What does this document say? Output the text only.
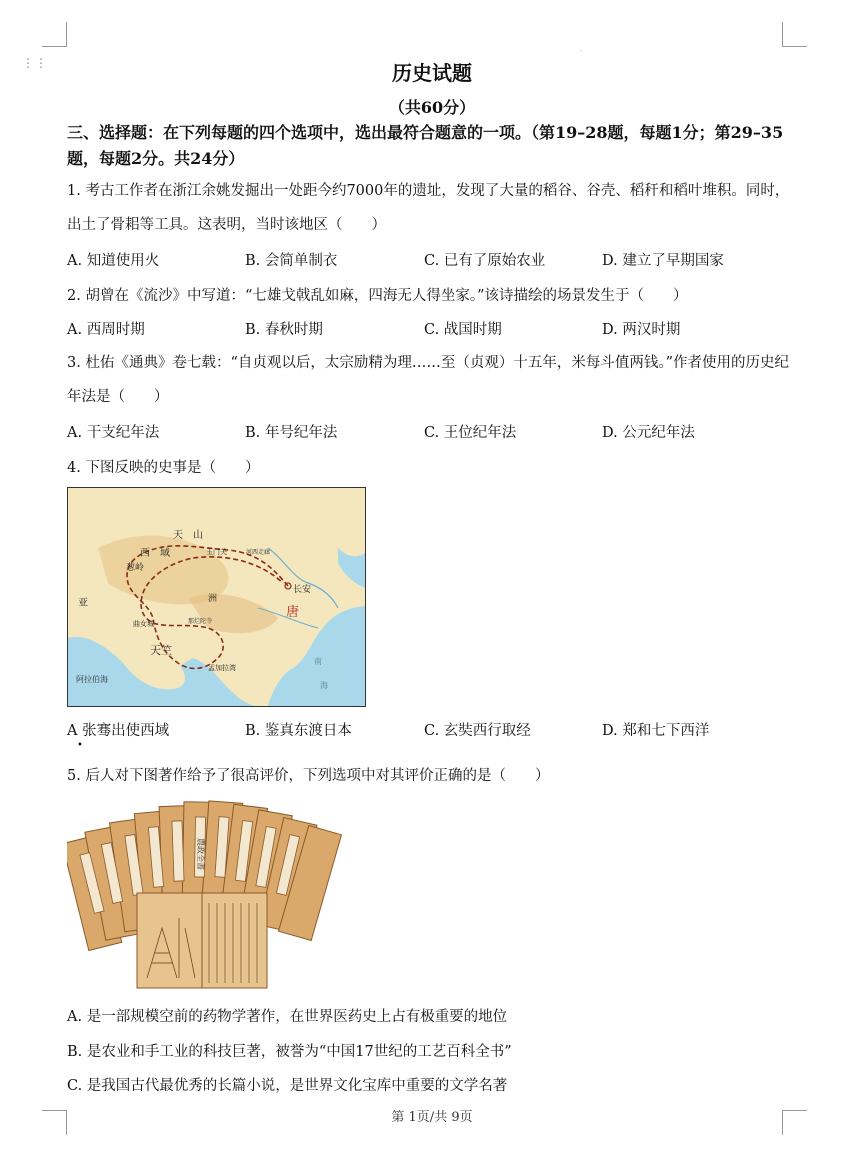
⋮⋮
·
历史试题
（共60分）
三、选择题：在下列每题的四个选项中，选出最符合题意的一项。（第19–28题，每题1分；第29–35题，每题2分。共24分）
1. 考古工作者在浙江余姚发掘出一处距今约7000年的遗址，发现了大量的稻谷、谷壳、稻秆和稻叶堆积。同时，出土了骨耜等工具。这表明，当时该地区（　　）
A. 知道使用火	B. 会简单制衣	C. 已有了原始农业	D. 建立了早期国家
2. 胡曾在《流沙》中写道：“七雄戈戟乱如麻，四海无人得坐家。”该诗描绘的场景发生于（　　）
A. 西周时期	B. 春秋时期	C. 战国时期	D. 两汉时期
3. 杜佑《通典》卷七载：“自贞观以后，太宗励精为理……至（贞观）十五年，米每斗值两钱。”作者使用的历史纪年法是（　　）
A. 干支纪年法	B. 年号纪年法	C. 王位纪年法	D. 公元纪年法
4. 下图反映的史事是（　　）
天　山
西　域	玉门关	河西走廊
葱岭
长安
唐
亚	洲
曲女城	那烂陀寺
天竺
孟加拉湾
阿拉伯海
南
海
A 张骞出使西域	B. 鉴真东渡日本	C. 玄奘西行取经	D. 郑和七下西洋
•
5. 后人对下图著作给予了很高评价，下列选项中对其评价正确的是（　　）
農政全書
A. 是一部规模空前的药物学著作，在世界医药史上占有极重要的地位
B. 是农业和手工业的科技巨著，被誉为“中国17世纪的工艺百科全书”
C. 是我国古代最优秀的长篇小说，是世界文化宝库中重要的文学名著
第 1页/共 9页
